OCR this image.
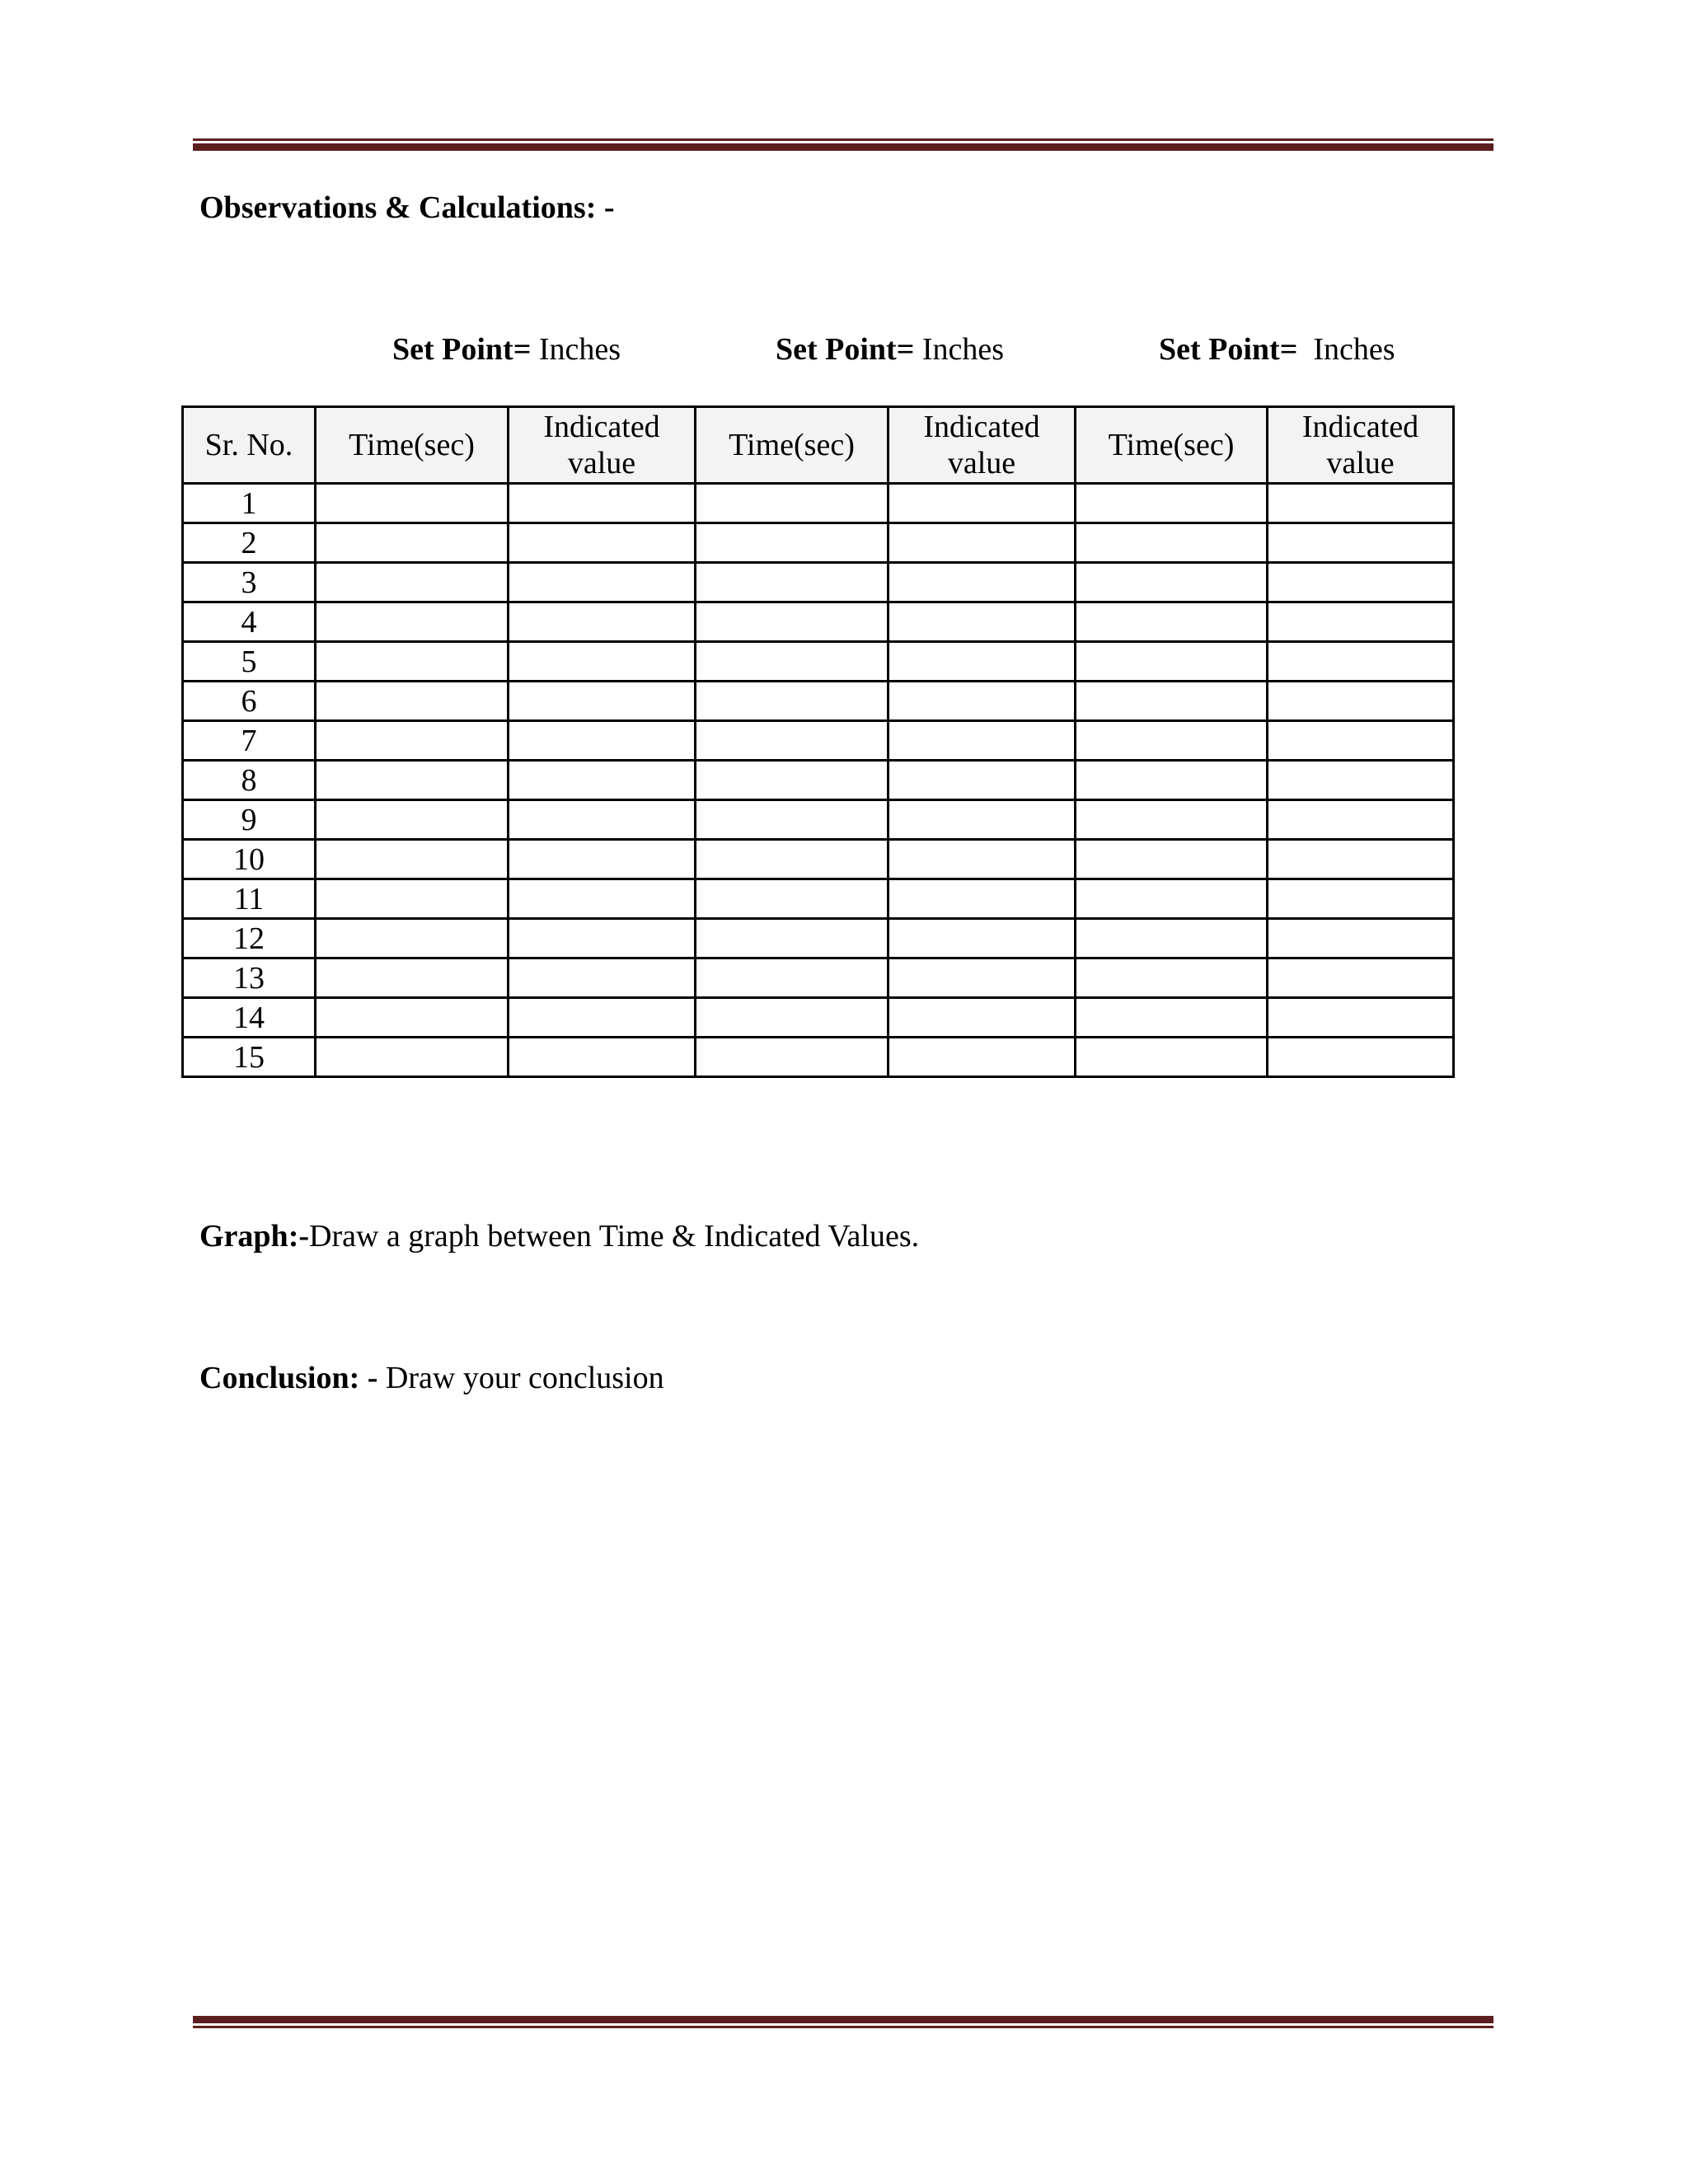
Observations & Calculations: -
Set Point= Inches	Set Point= Inches	Set Point= Inches
Sr. No.	Time(sec)	Indicated value	Time(sec)	Indicated value	Time(sec)	Indicated value
1						
2						
3						
4						
5						
6						
7						
8						
9						
10						
11						
12						
13						
14						
15						
Graph:-Draw a graph between Time & Indicated Values.
Conclusion: - Draw your conclusion
